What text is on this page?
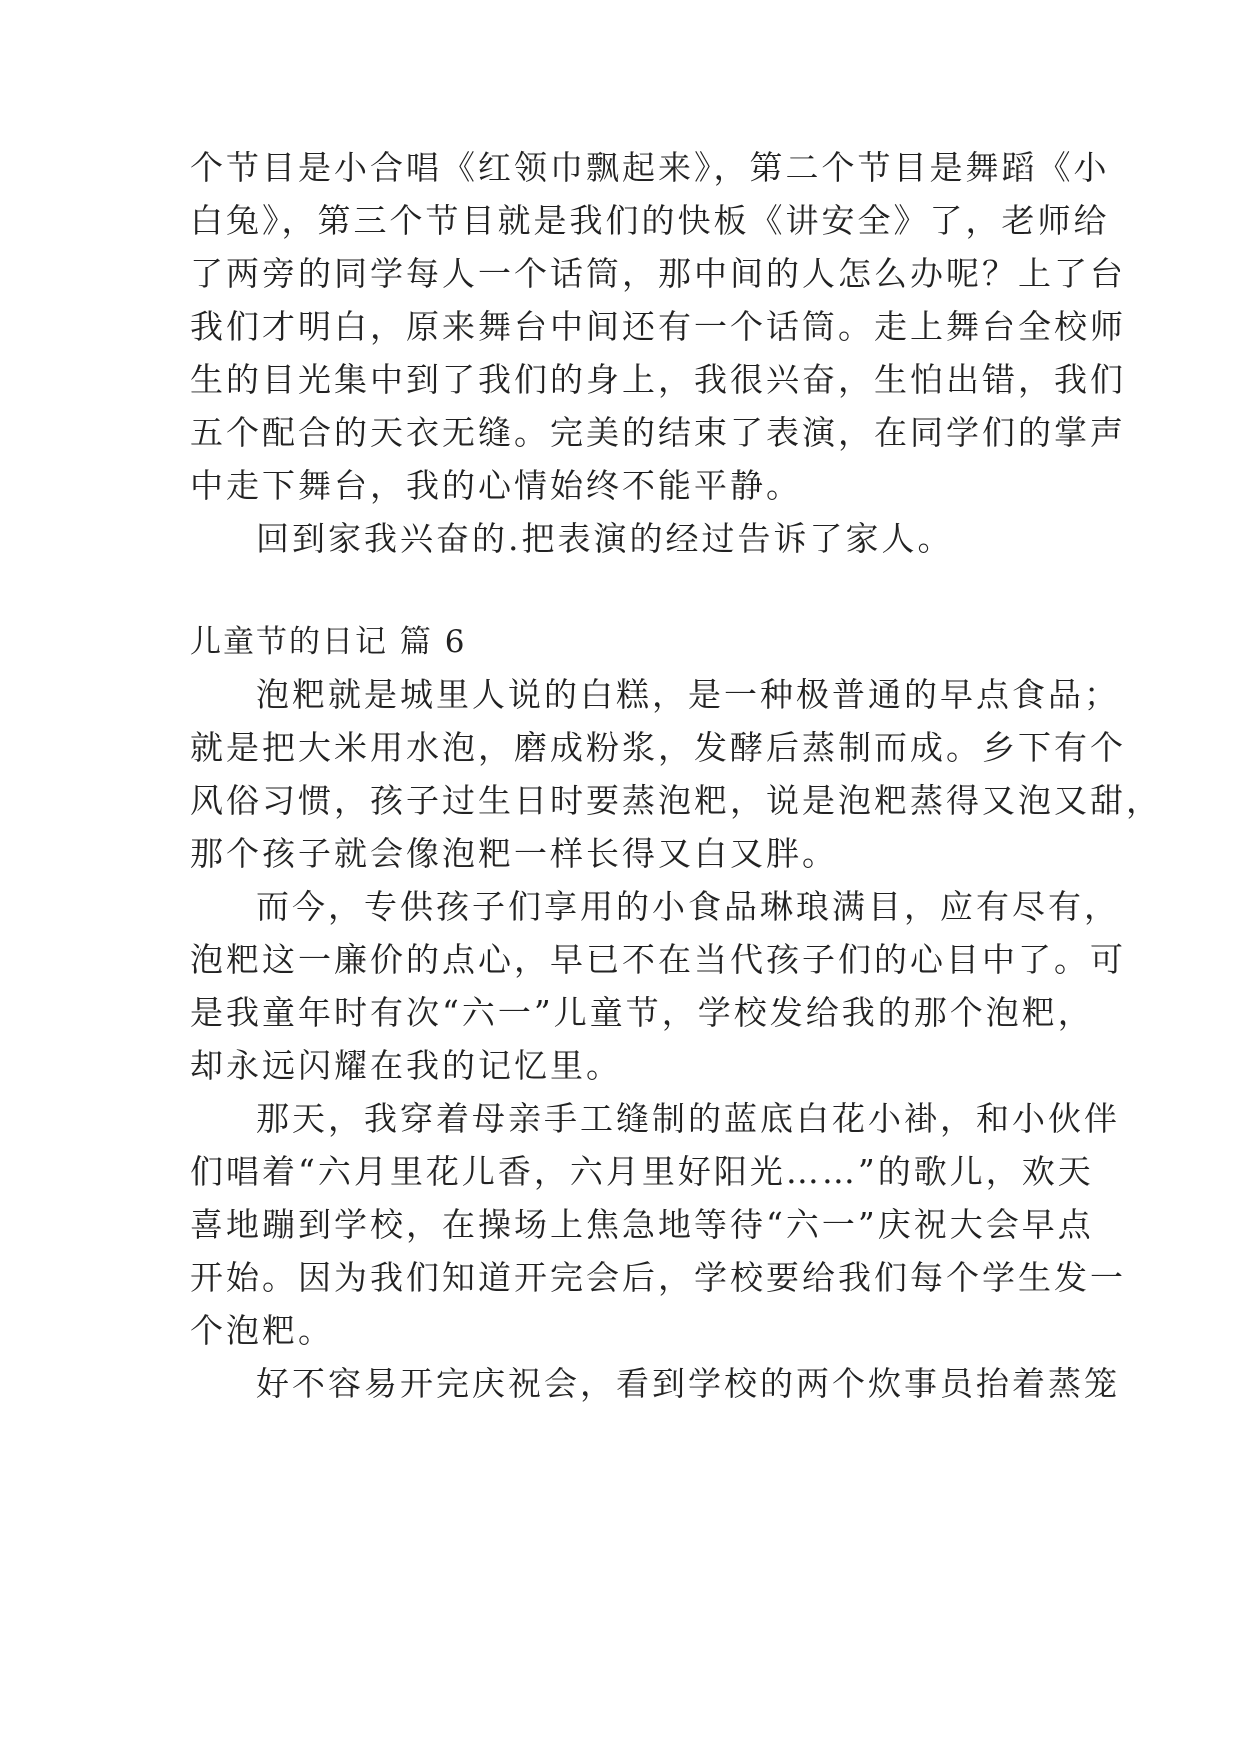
个节目是小合唱《红领巾飘起来》，第二个节目是舞蹈《小
白兔》，第三个节目就是我们的快板《讲安全》了，老师给
了两旁的同学每人一个话筒，那中间的人怎么办呢？上了台
我们才明白，原来舞台中间还有一个话筒。走上舞台全校师
生的目光集中到了我们的身上，我很兴奋，生怕出错，我们
五个配合的天衣无缝。完美的结束了表演，在同学们的掌声
中走下舞台，我的心情始终不能平静。
回到家我兴奋的.把表演的经过告诉了家人。
儿童节的日记 篇 6
泡粑就是城里人说的白糕，是一种极普通的早点食品；
就是把大米用水泡，磨成粉浆，发酵后蒸制而成。乡下有个
风俗习惯，孩子过生日时要蒸泡粑，说是泡粑蒸得又泡又甜，
那个孩子就会像泡粑一样长得又白又胖。
而今，专供孩子们享用的小食品琳琅满目，应有尽有，
泡粑这一廉价的点心，早已不在当代孩子们的心目中了。可
是我童年时有次“六一”儿童节，学校发给我的那个泡粑，
却永远闪耀在我的记忆里。
那天，我穿着母亲手工缝制的蓝底白花小褂，和小伙伴
们唱着“六月里花儿香，六月里好阳光……”的歌儿，欢天
喜地蹦到学校，在操场上焦急地等待“六一”庆祝大会早点
开始。因为我们知道开完会后，学校要给我们每个学生发一
个泡粑。
好不容易开完庆祝会，看到学校的两个炊事员抬着蒸笼
